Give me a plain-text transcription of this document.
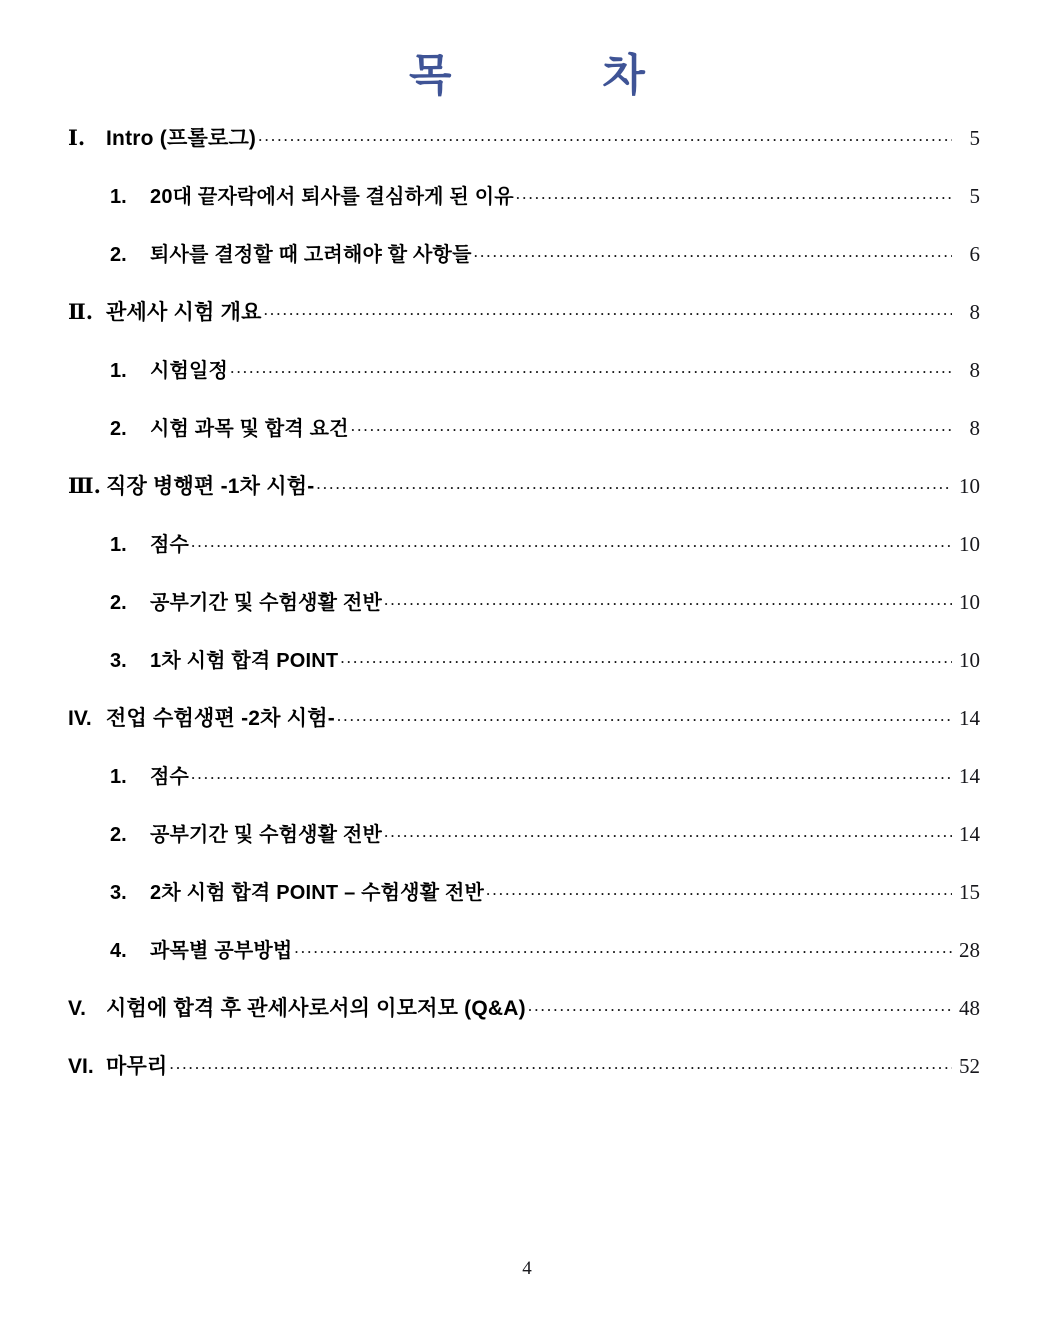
목     차
Ⅰ. Intro (프롤로그) .....	5
1.	20대 끝자락에서 퇴사를 결심하게 된 이유 .....	5
2.	퇴사를 결정할 때 고려해야 할 사항들 .....	6
Ⅱ. 관세사 시험 개요 .....	8
1.	시험일정 .....	8
2.	시험 과목 및 합격 요건 .....	8
Ⅲ. 직장 병행편 -1차 시험- .....	10
1.	점수 .....	10
2.	공부기간 및 수험생활 전반 .....	10
3.	1차 시험 합격 POINT .....	10
IV. 전업 수험생편 -2차 시험- .....	14
1.	점수 .....	14
2.	공부기간 및 수험생활 전반 .....	14
3.	2차 시험 합격 POINT – 수험생활 전반 .....	15
4.	과목별 공부방법 .....	28
V. 시험에 합격 후 관세사로서의 이모저모 (Q&A) .....	48
VI. 마무리 .....	52
4
